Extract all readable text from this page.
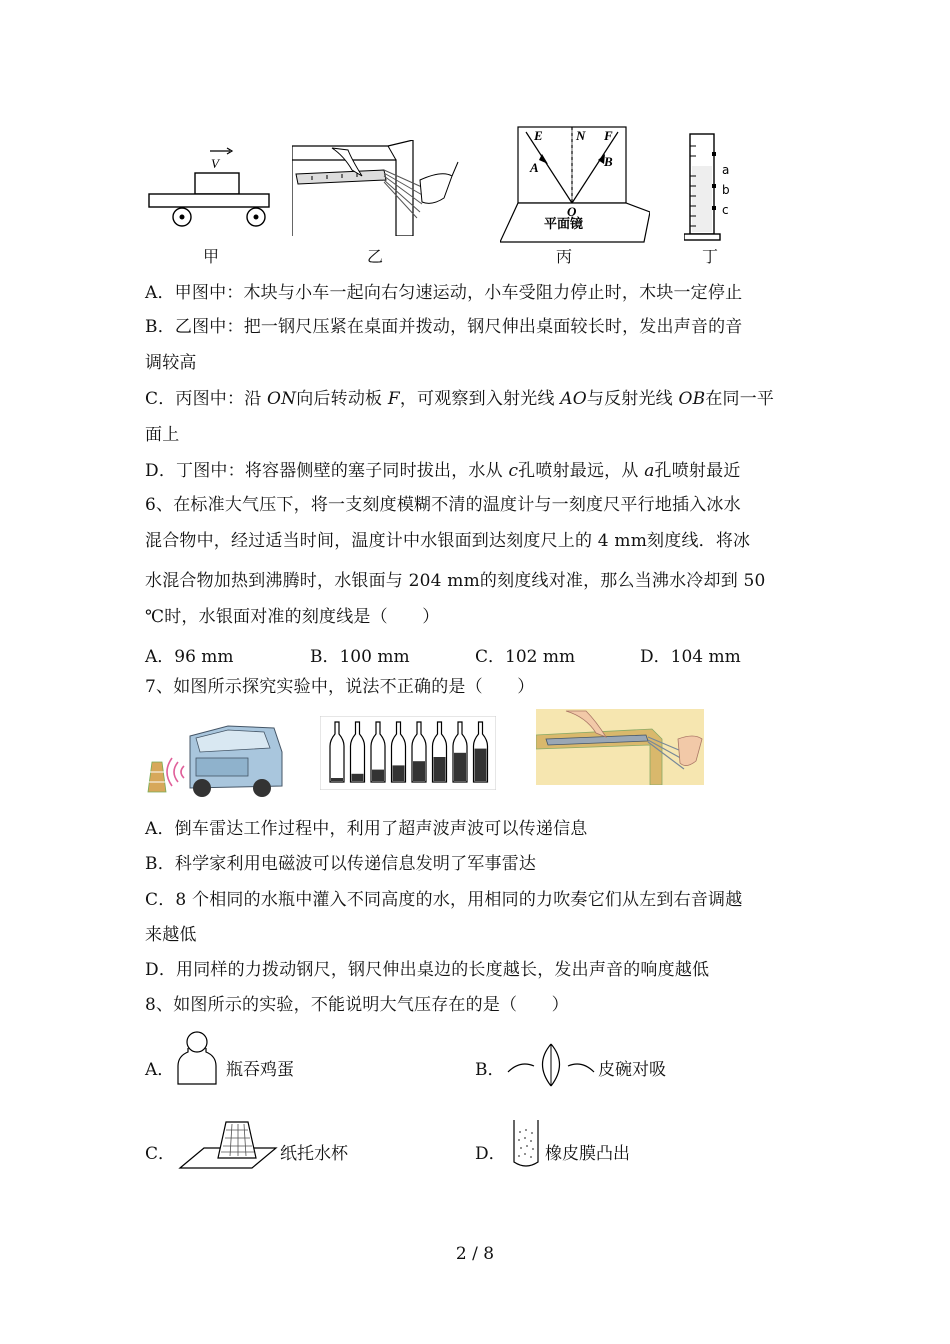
V
甲	乙
E	N F
A	B
O
平面镜
丙
a
b
c
丁
A．甲图中：木块与小车一起向右匀速运动，小车受阻力停止时，木块一定停止
B．乙图中：把一钢尺压紧在桌面并拨动，钢尺伸出桌面较长时，发出声音的音
调较高
C．丙图中：沿 ON向后转动板 F，可观察到入射光线 AO与反射光线 OB在同一平
面上
D．丁图中：将容器侧壁的塞子同时拔出，水从 c孔喷射最远，从 a孔喷射最近
6、在标准大气压下，将一支刻度模糊不清的温度计与一刻度尺平行地插入冰水
混合物中，经过适当时间，温度计中水银面到达刻度尺上的 4 mm刻度线．将冰
水混合物加热到沸腾时，水银面与 204 mm的刻度线对准，那么当沸水冷却到 50
℃时，水银面对准的刻度线是（　　）
A．96 mm	B．100 mm	C．102 mm	D．104 mm
7、如图所示探究实验中，说法不正确的是（　　）
A．倒车雷达工作过程中，利用了超声波声波可以传递信息
B．科学家利用电磁波可以传递信息发明了军事雷达
C．8 个相同的水瓶中灌入不同高度的水，用相同的力吹奏它们从左到右音调越
来越低
D．用同样的力拨动钢尺，钢尺伸出桌边的长度越长，发出声音的响度越低
8、如图所示的实验，不能说明大气压存在的是（　　）
A．	瓶吞鸡蛋	B．	皮碗对吸
C．	纸托水杯	D． 橡皮膜凸出
2 / 8
